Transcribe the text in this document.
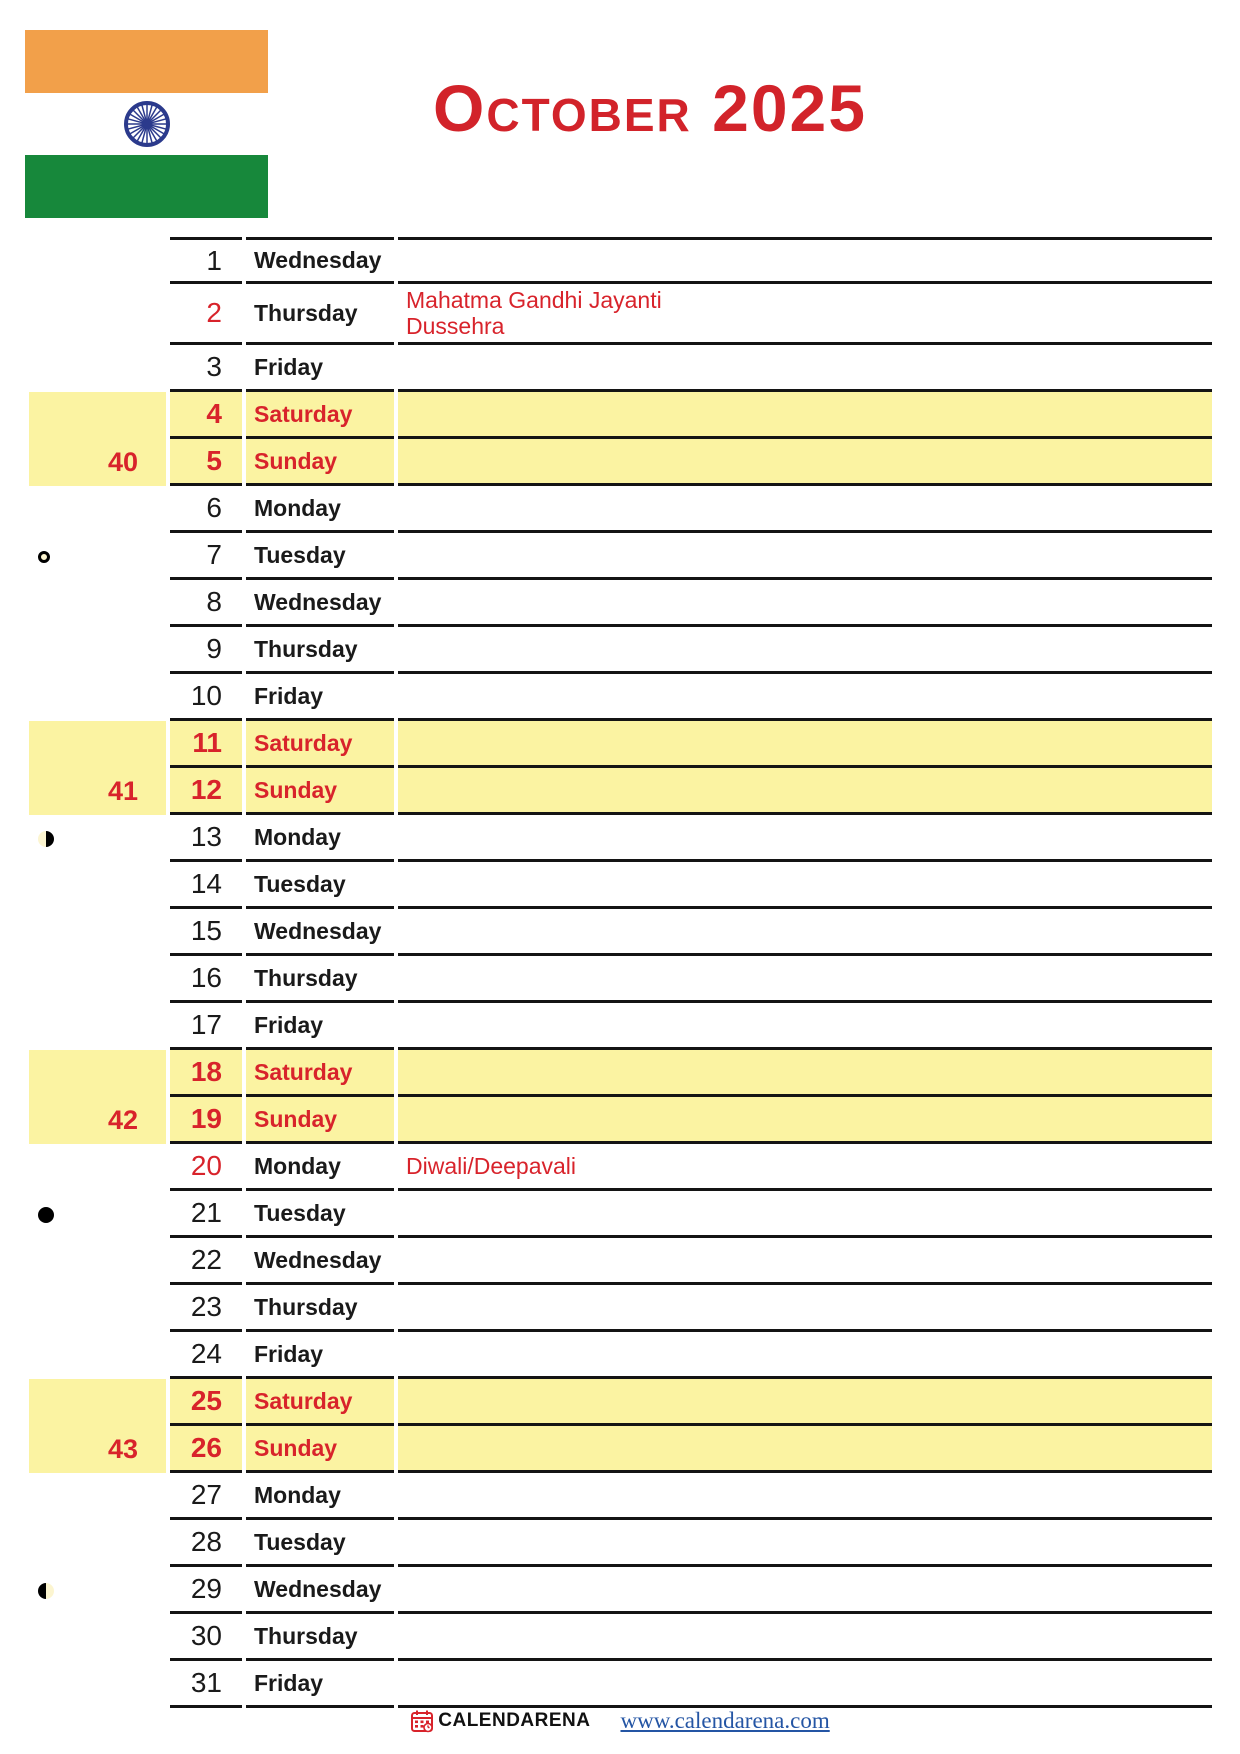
October 2025
1	Wednesday
2	Thursday	Mahatma Gandhi Jayanti
Dussehra
3	Friday
4	Saturday
40	5	Sunday
6	Monday
7	Tuesday
8	Wednesday
9	Thursday
10	Friday
11	Saturday
41	12	Sunday
13	Monday
14	Tuesday
15	Wednesday
16	Thursday
17	Friday
18	Saturday
42	19	Sunday
20	Monday	Diwali/Deepavali
21	Tuesday
22	Wednesday
23	Thursday
24	Friday
25	Saturday
43	26	Sunday
27	Monday
28	Tuesday
29	Wednesday
30	Thursday
31	Friday
CALENDARENA www.calendarena.com
